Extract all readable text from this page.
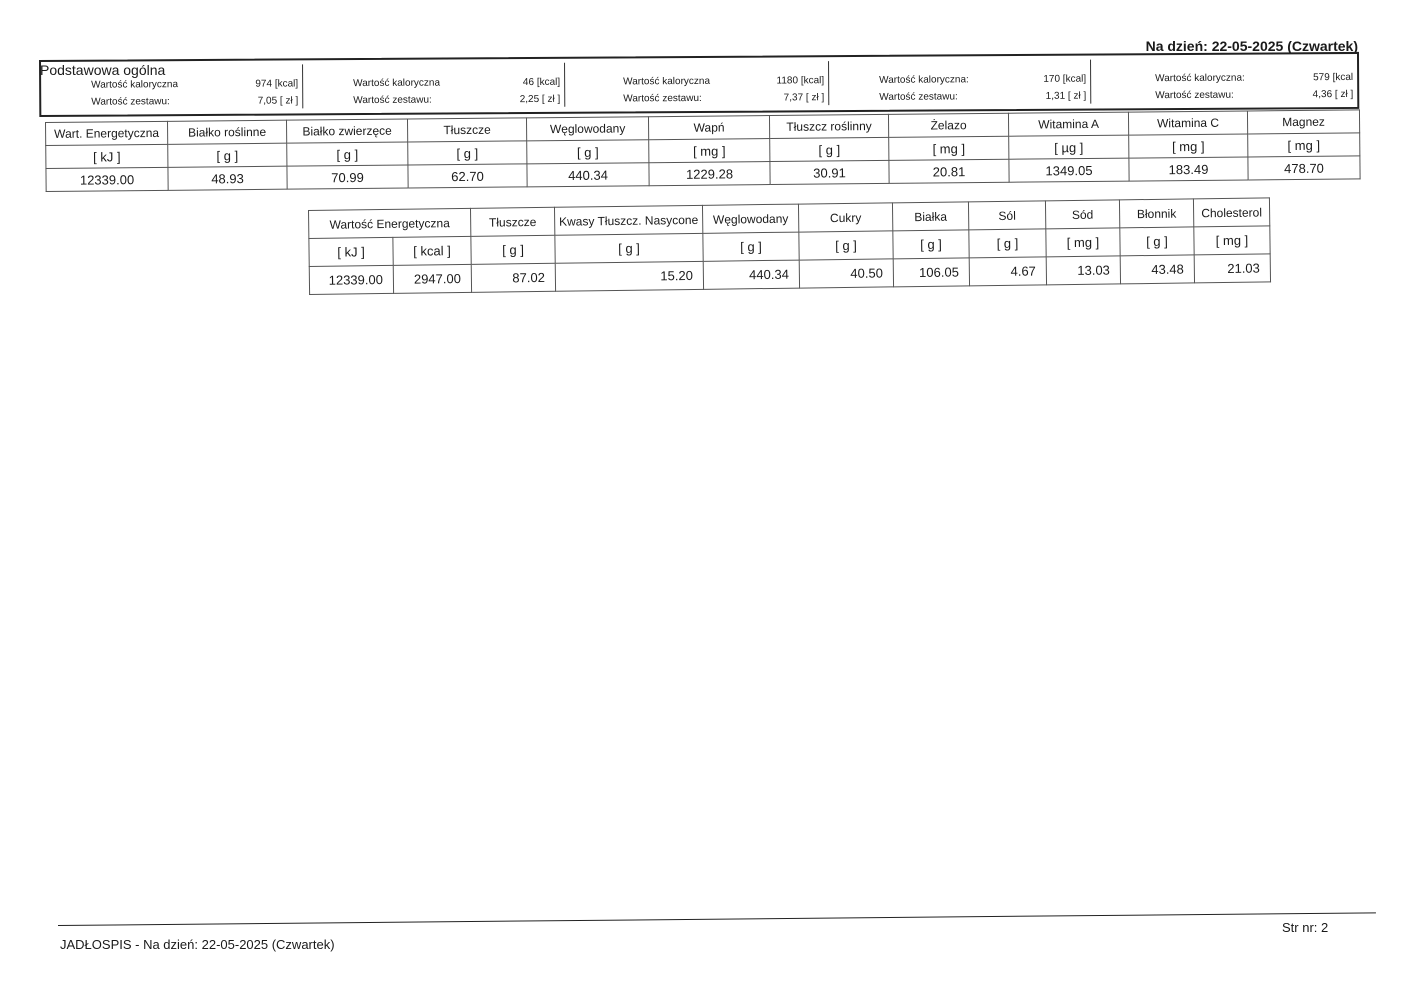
Na dzień: 22-05-2025 (Czwartek)
Podstawowa ogólna
Wartość kaloryczna	974 [kcal]
Wartość zestawu:	7,05 [ zł ]
Wartość kaloryczna	46 [kcal]
Wartość zestawu:	2,25 [ zł ]
Wartość kaloryczna	1180 [kcal]
Wartość zestawu:	7,37 [ zł ]
Wartość kaloryczna:	170 [kcal]
Wartość zestawu:	1,31 [ zł ]
Wartość kaloryczna:	579 [kcal
Wartość zestawu:	4,36 [ zł ]
Wart. Energetyczna	Białko roślinne	Białko zwierzęce	Tłuszcze	Węglowodany	Wapń	Tłuszcz roślinny	Żelazo	Witamina A	Witamina C	Magnez
[ kJ ]	[ g ]	[ g ]	[ g ]	[ g ]	[ mg ]	[ g ]	[ mg ]	[ µg ]	[ mg ]	[ mg ]
12339.00	48.93	70.99	62.70	440.34	1229.28	30.91	20.81	1349.05	183.49	478.70
Wartość Energetyczna		Tłuszcze	Kwasy Tłuszcz. Nasycone	Węglowodany	Cukry	Białka	Sól	Sód	Błonnik	Cholesterol
[ kJ ]	[ kcal ]	[ g ]	[ g ]	[ g ]	[ g ]	[ g ]	[ g ]	[ mg ]	[ g ]	[ mg ]
12339.00	2947.00	87.02	15.20	440.34	40.50	106.05	4.67	13.03	43.48	21.03
JADŁOSPIS - Na dzień: 22-05-2025 (Czwartek)
Str nr: 2
